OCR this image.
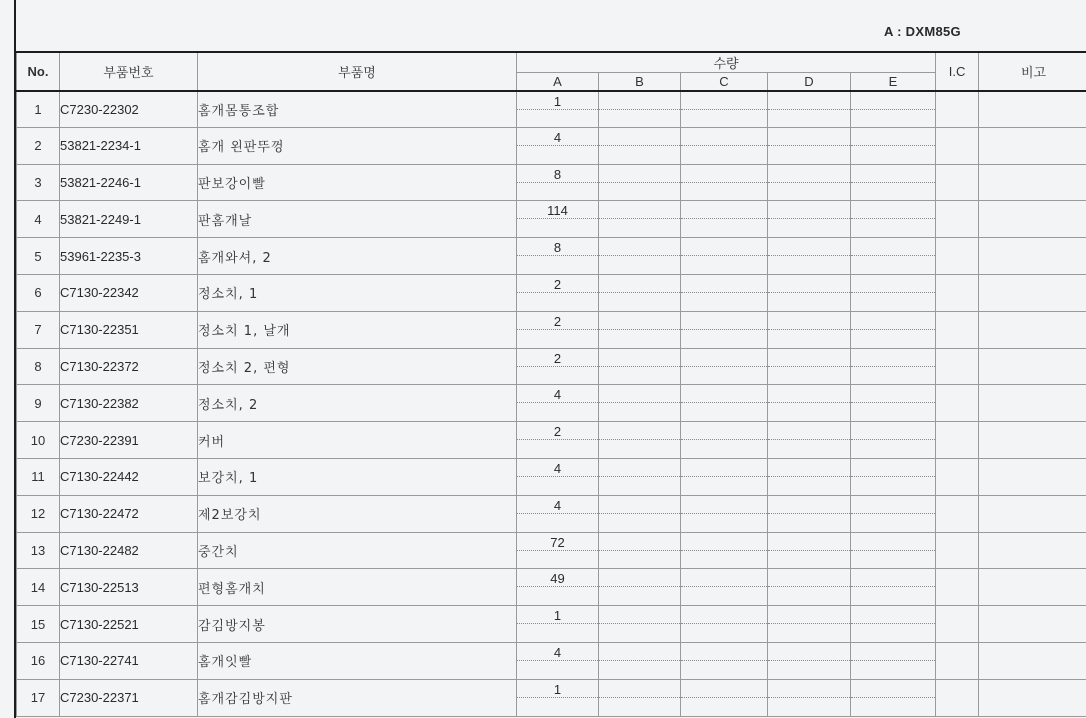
A : DXM85G
No.	부품번호	부품명	수량					I.C	비고
			A	B	C	D	E		
1	C7230-22302	홈개몸통조합	1						

2	53821-2234-1	홈개 왼판뚜껑	4						

3	53821-2246-1	판보강이빨	8						

4	53821-2249-1	판홈개날	114						

5	53961-2235-3	홈개와셔, 2	8						

6	C7130-22342	정소치, 1	2						

7	C7130-22351	정소치 1, 날개	2						

8	C7130-22372	정소치 2, 편형	2						

9	C7130-22382	정소치, 2	4						

10	C7230-22391	커버	2						

11	C7130-22442	보강치, 1	4						

12	C7130-22472	제2보강치	4						

13	C7130-22482	중간치	72						

14	C7130-22513	편형홈개치	49						

15	C7130-22521	감김방지봉	1						

16	C7130-22741	홈개잇빨	4						

17	C7230-22371	홈개감김방지판	1						
